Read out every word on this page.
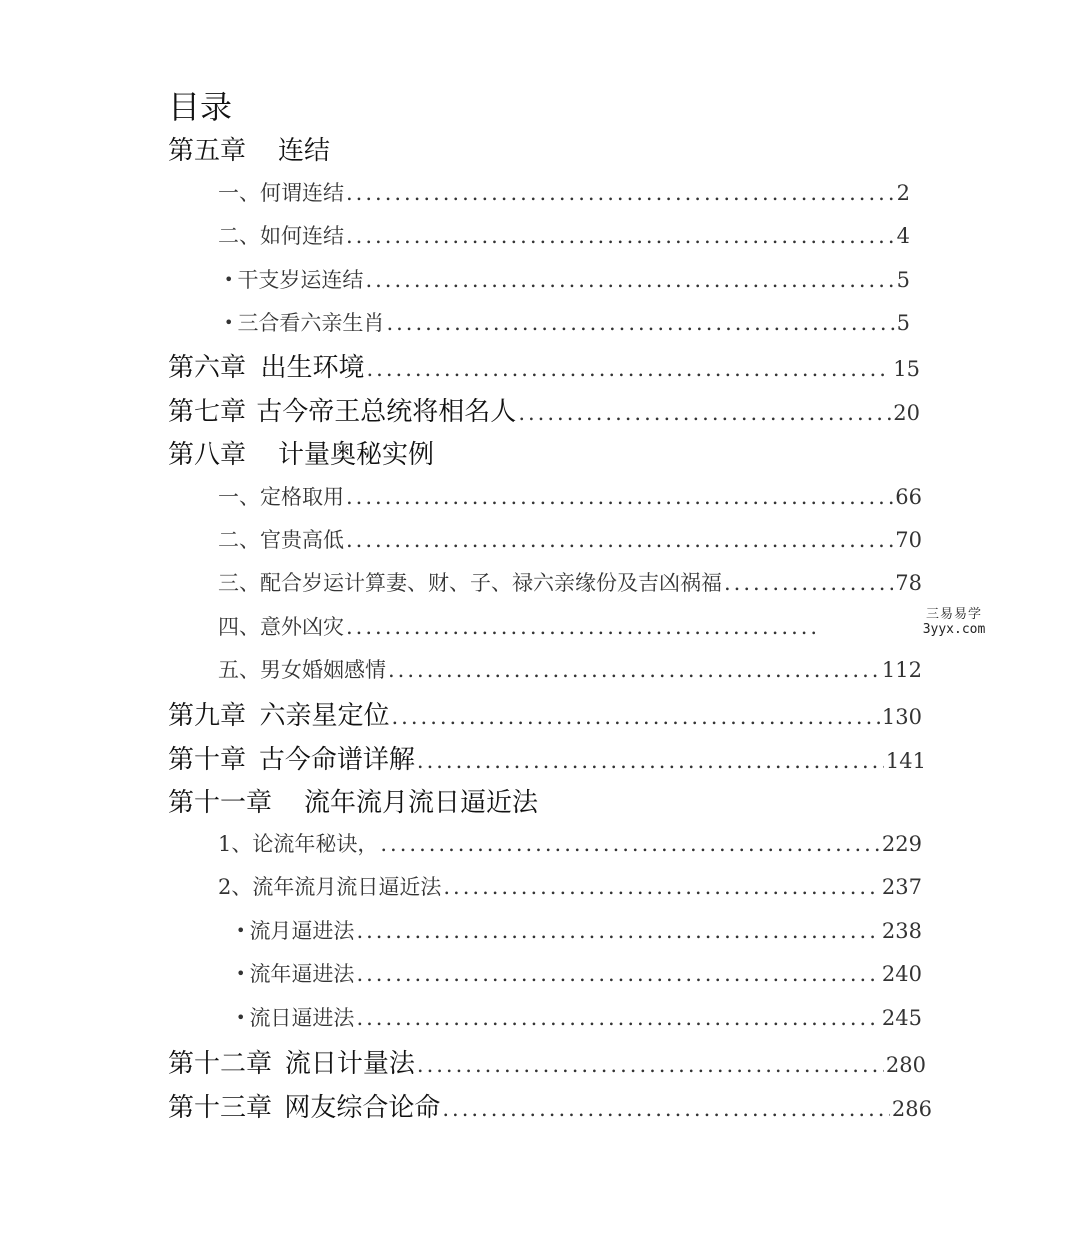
目录
第五章 连结
一、 何谓连结 .....	2
二、 如何连结 .....	4
• 干支岁运连结 .....	5
• 三合看六亲生肖 .....	5
第六章 出生环境 .....	15
第七章 古今帝王总统将相名人 .....	20
第八章 计量奥秘实例
一、 定格取用 .....	66
二、 官贵高低 .....	70
三、 配合岁运计算妻、财、子、禄六亲缘份及吉凶祸福 .....	78
四、 意外凶灾
.....
五、 男女婚姻感情 .....	112
第九章 六亲星定位 .....	130
第十章 古今命谱详解 .....	141
第十一章 流年流月流日逼近法
1、 论流年秘诀， .....	229
2、 流年流月流日逼近法 .....	237
• 流月逼进法 .....	238
• 流年逼进法 .....	240
• 流日逼进法 .....	245
第十二章 流日计量法 .....	280
第十三章 网友综合论命 .....	286
三易易学
3yyx.com
